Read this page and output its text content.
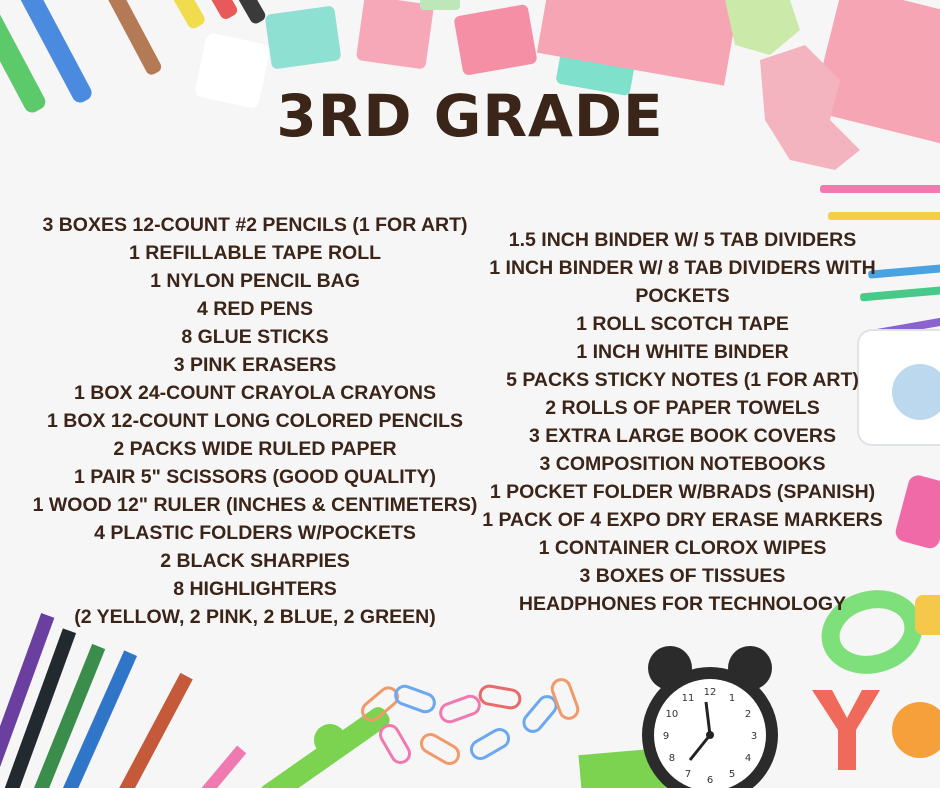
12
1
2
3
4
5
6
7
8
9
10
11
3RD GRADE
3 BOXES 12-COUNT #2 PENCILS (1 FOR ART)
1 REFILLABLE TAPE ROLL
1 NYLON PENCIL BAG
4 RED PENS
8 GLUE STICKS
3 PINK ERASERS
1 BOX 24-COUNT CRAYOLA CRAYONS
1 BOX 12-COUNT LONG COLORED PENCILS
2 PACKS WIDE RULED PAPER
1 PAIR 5" SCISSORS (GOOD QUALITY)
1 WOOD 12" RULER (INCHES & CENTIMETERS)
4 PLASTIC FOLDERS W/POCKETS
2 BLACK SHARPIES
8 HIGHLIGHTERS
(2 YELLOW, 2 PINK, 2 BLUE, 2 GREEN)
1.5 INCH BINDER W/ 5 TAB DIVIDERS
1 INCH BINDER W/ 8 TAB DIVIDERS WITH POCKETS
1 ROLL SCOTCH TAPE
1 INCH WHITE BINDER
5 PACKS STICKY NOTES (1 FOR ART)
2 ROLLS OF PAPER TOWELS
3 EXTRA LARGE BOOK COVERS
3 COMPOSITION NOTEBOOKS
1 POCKET FOLDER W/BRADS (SPANISH)
1 PACK OF 4 EXPO DRY ERASE MARKERS
1 CONTAINER CLOROX WIPES
3 BOXES OF TISSUES
HEADPHONES FOR TECHNOLOGY
